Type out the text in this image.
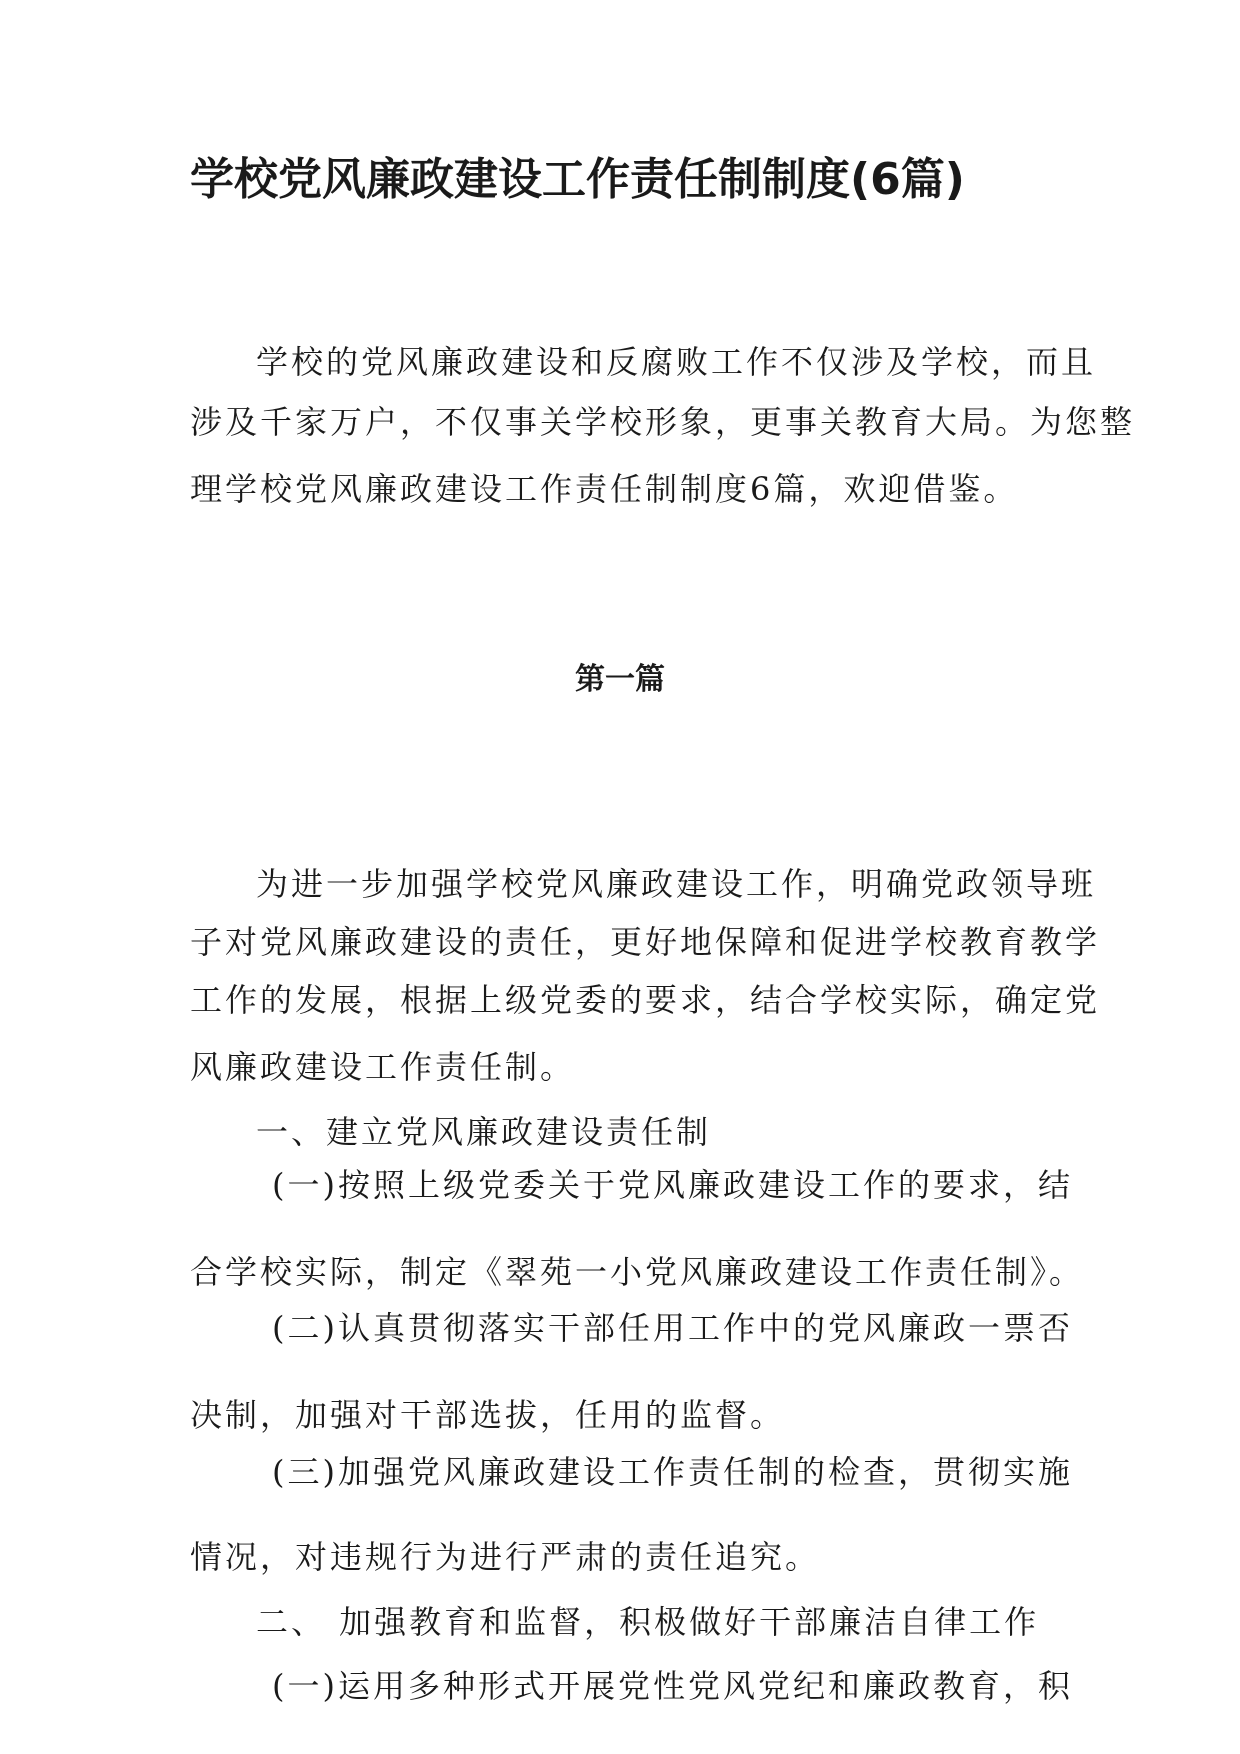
学校党风廉政建设工作责任制制度(6篇)

学校的党风廉政建设和反腐败工作不仅涉及学校，而且

涉及千家万户，不仅事关学校形象，更事关教育大局。为您整

理学校党风廉政建设工作责任制制度6篇，欢迎借鉴。

第一篇

为进一步加强学校党风廉政建设工作，明确党政领导班

子对党风廉政建设的责任，更好地保障和促进学校教育教学

工作的发展，根据上级党委的要求，结合学校实际，确定党

风廉政建设工作责任制。

一、建立党风廉政建设责任制

(一)按照上级党委关于党风廉政建设工作的要求，结

合学校实际，制定《翠苑一小党风廉政建设工作责任制》。

(二)认真贯彻落实干部任用工作中的党风廉政一票否

决制，加强对干部选拔，任用的监督。

(三)加强党风廉政建设工作责任制的检查，贯彻实施

情况，对违规行为进行严肃的责任追究。

二、 加强教育和监督，积极做好干部廉洁自律工作

(一)运用多种形式开展党性党风党纪和廉政教育，积
